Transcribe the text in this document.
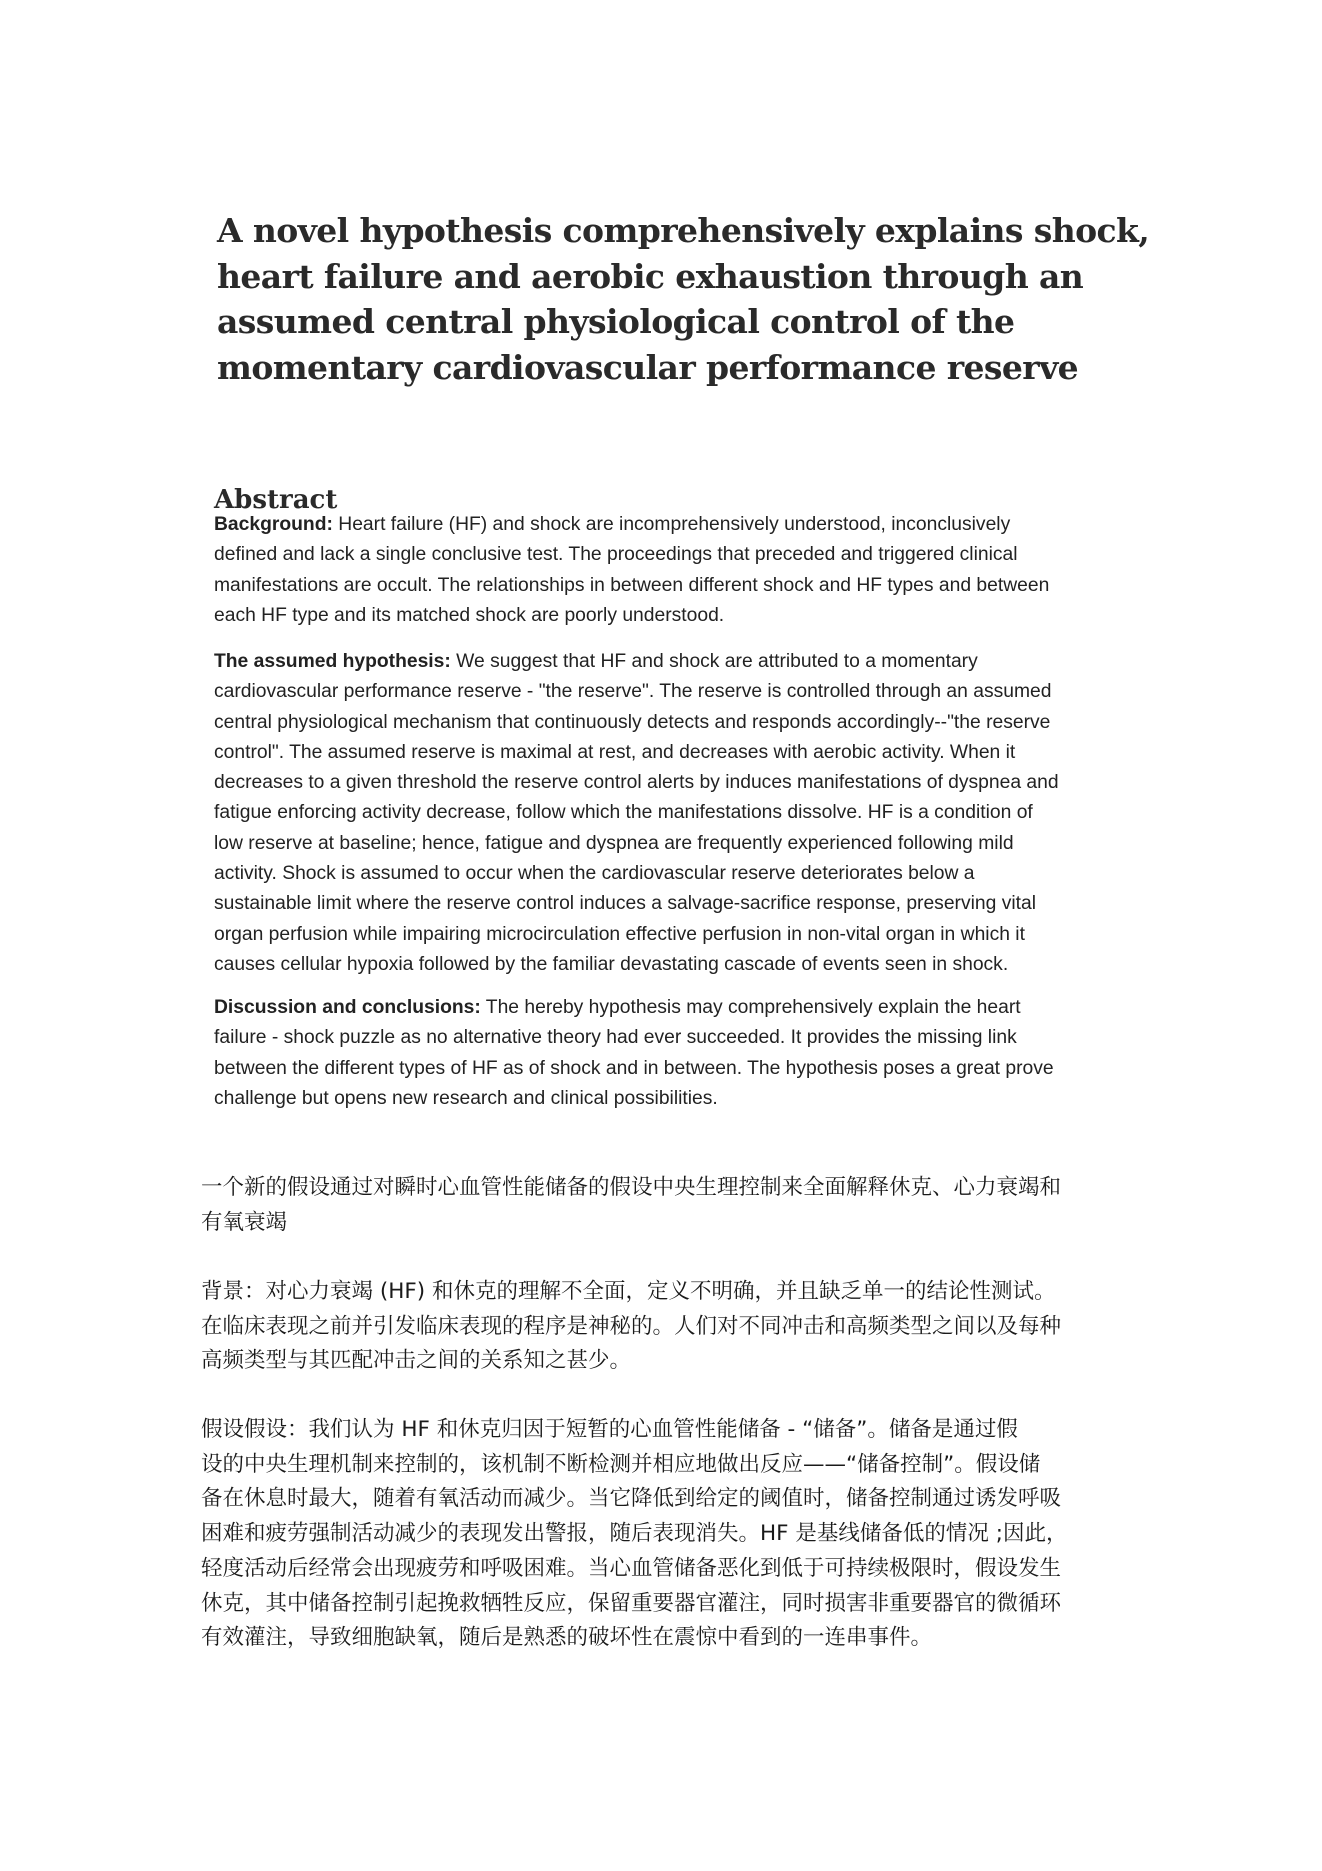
A novel hypothesis comprehensively explains shock,
heart failure and aerobic exhaustion through an
assumed central physiological control of the
momentary cardiovascular performance reserve
Abstract
Background: Heart failure (HF) and shock are incomprehensively understood, inconclusively
defined and lack a single conclusive test. The proceedings that preceded and triggered clinical
manifestations are occult. The relationships in between different shock and HF types and between
each HF type and its matched shock are poorly understood.
The assumed hypothesis: We suggest that HF and shock are attributed to a momentary
cardiovascular performance reserve - "the reserve". The reserve is controlled through an assumed
central physiological mechanism that continuously detects and responds accordingly--"the reserve
control". The assumed reserve is maximal at rest, and decreases with aerobic activity. When it
decreases to a given threshold the reserve control alerts by induces manifestations of dyspnea and
fatigue enforcing activity decrease, follow which the manifestations dissolve. HF is a condition of
low reserve at baseline; hence, fatigue and dyspnea are frequently experienced following mild
activity. Shock is assumed to occur when the cardiovascular reserve deteriorates below a
sustainable limit where the reserve control induces a salvage-sacrifice response, preserving vital
organ perfusion while impairing microcirculation effective perfusion in non-vital organ in which it
causes cellular hypoxia followed by the familiar devastating cascade of events seen in shock.
Discussion and conclusions: The hereby hypothesis may comprehensively explain the heart
failure - shock puzzle as no alternative theory had ever succeeded. It provides the missing link
between the different types of HF as of shock and in between. The hypothesis poses a great prove
challenge but opens new research and clinical possibilities.
一个新的假设通过对瞬时心血管性能储备的假设中央生理控制来全面解释休克、心力衰竭和
有氧衰竭
背景：对心力衰竭 (HF) 和休克的理解不全面，定义不明确，并且缺乏单一的结论性测试。
在临床表现之前并引发临床表现的程序是神秘的。人们对不同冲击和高频类型之间以及每种
高频类型与其匹配冲击之间的关系知之甚少。
假设假设：我们认为 HF 和休克归因于短暂的心血管性能储备 - “储备”。储备是通过假
设的中央生理机制来控制的，该机制不断检测并相应地做出反应——“储备控制”。假设储
备在休息时最大，随着有氧活动而减少。当它降低到给定的阈值时，储备控制通过诱发呼吸
困难和疲劳强制活动减少的表现发出警报，随后表现消失。HF 是基线储备低的情况 ;因此，
轻度活动后经常会出现疲劳和呼吸困难。当心血管储备恶化到低于可持续极限时，假设发生
休克，其中储备控制引起挽救牺牲反应，保留重要器官灌注，同时损害非重要器官的微循环
有效灌注，导致细胞缺氧，随后是熟悉的破坏性在震惊中看到的一连串事件。
